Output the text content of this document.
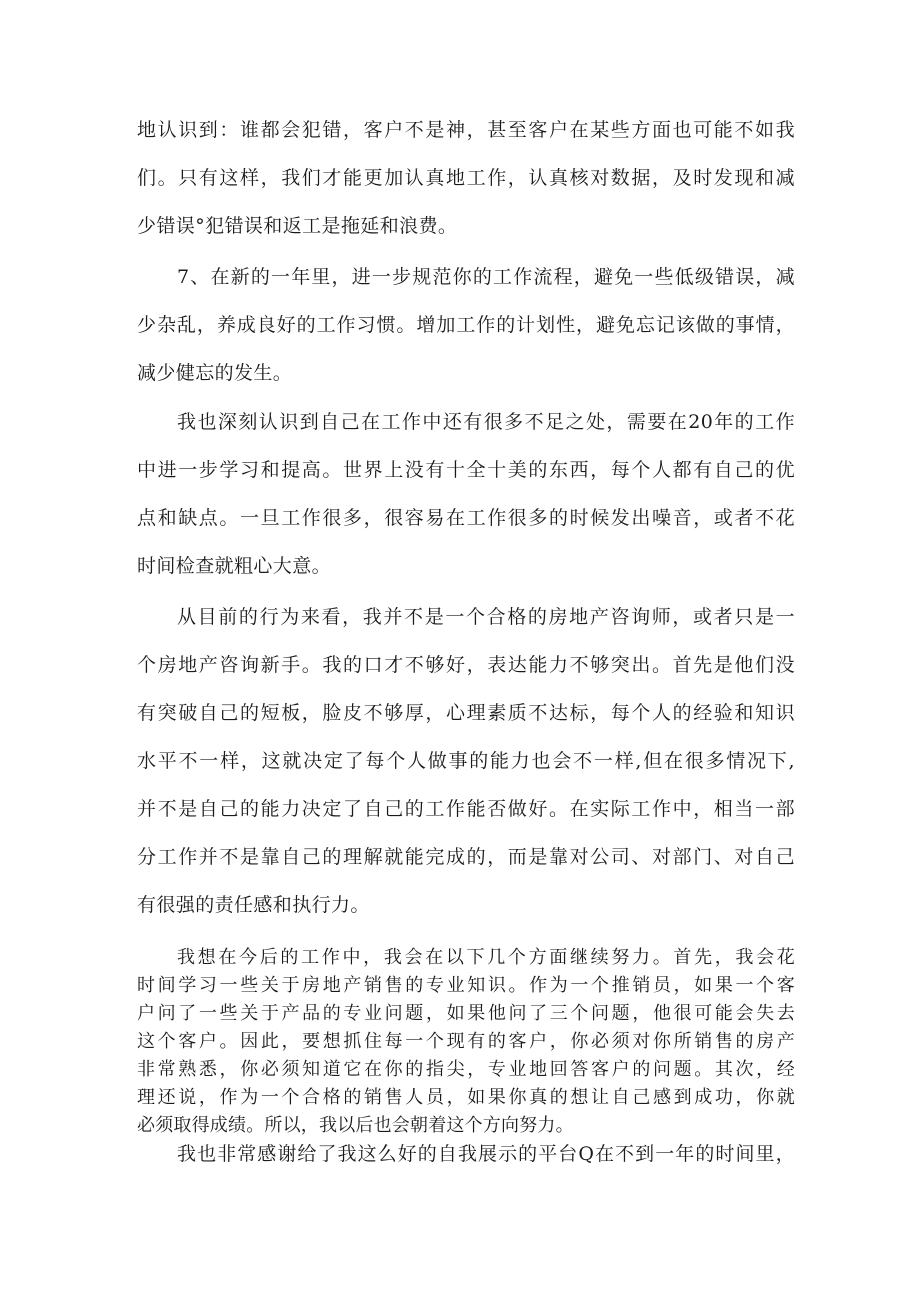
地认识到：谁都会犯错，客户不是神，甚至客户在某些方面也可能不如我
们。只有这样，我们才能更加认真地工作，认真核对数据，及时发现和减
少错误°犯错误和返工是拖延和浪费。
7、在新的一年里，进一步规范你的工作流程，避免一些低级错误，减
少杂乱，养成良好的工作习惯。增加工作的计划性，避免忘记该做的事情，
减少健忘的发生。
我也深刻认识到自己在工作中还有很多不足之处，需要在20年的工作
中进一步学习和提高。世界上没有十全十美的东西，每个人都有自己的优
点和缺点。一旦工作很多，很容易在工作很多的时候发出噪音，或者不花
时间检查就粗心大意。
从目前的行为来看，我并不是一个合格的房地产咨询师，或者只是一
个房地产咨询新手。我的口才不够好，表达能力不够突出。首先是他们没
有突破自己的短板，脸皮不够厚，心理素质不达标，每个人的经验和知识
水平不一样，这就决定了每个人做事的能力也会不一样,但在很多情况下,
并不是自己的能力决定了自己的工作能否做好。在实际工作中，相当一部
分工作并不是靠自己的理解就能完成的，而是靠对公司、对部门、对自己
有很强的责任感和执行力。
我想在今后的工作中，我会在以下几个方面继续努力。首先，我会花
时间学习一些关于房地产销售的专业知识。作为一个推销员，如果一个客
户问了一些关于产品的专业问题，如果他问了三个问题，他很可能会失去
这个客户。因此，要想抓住每一个现有的客户，你必须对你所销售的房产
非常熟悉，你必须知道它在你的指尖，专业地回答客户的问题。其次，经
理还说，作为一个合格的销售人员，如果你真的想让自己感到成功，你就
必须取得成绩。所以，我以后也会朝着这个方向努力。
我也非常感谢给了我这么好的自我展示的平台Q在不到一年的时间里，
